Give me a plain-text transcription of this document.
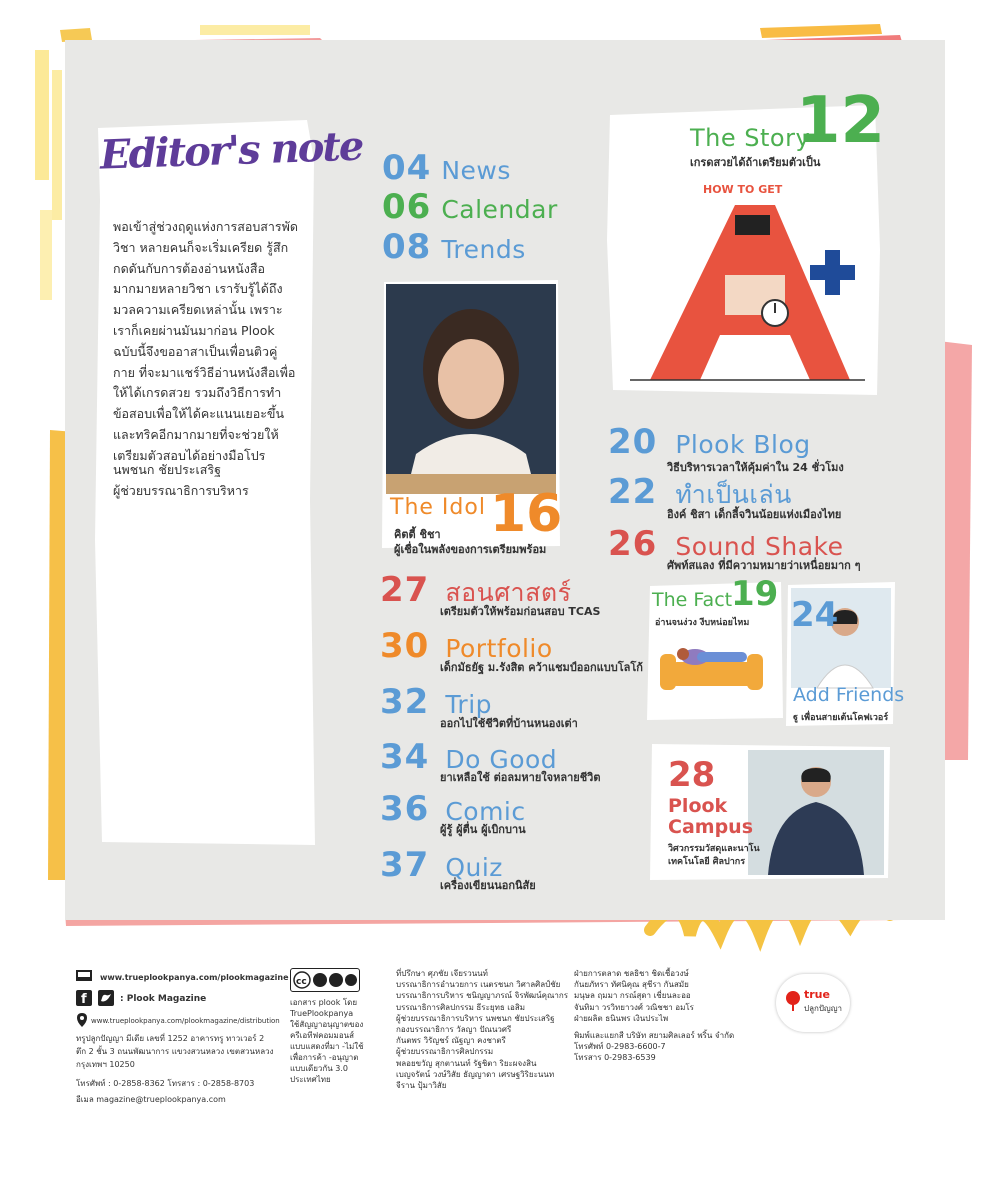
Editor's note
พอเข้าสู่ช่วงฤดูแห่งการสอบสารพัดวิชา หลายคนก็จะเริ่มเครียด รู้สึกกดดันกับการต้องอ่านหนังสือมากมายหลายวิชา เรารับรู้ได้ถึงมวลความเครียดเหล่านั้น เพราะเราก็เคยผ่านมันมาก่อน Plook ฉบับนี้จึงขออาสาเป็นเพื่อนติวคู่กาย ที่จะมาแชร์วิธีอ่านหนังสือเพื่อให้ได้เกรดสวย รวมถึงวิธีการทำข้อสอบเพื่อให้ได้คะแนนเยอะขึ้น และทริคอีกมากมายที่จะช่วยให้เตรียมตัวสอบได้อย่างมือโปร
นพชนก ชัยประเสริฐ
ผู้ช่วยบรรณาธิการบริหาร
04 News
06 Calendar
08 Trends
The Idol 16
คิตตี้ ชิชา
ผู้เชื่อในพลังของการเตรียมพร้อม
The Story
12
เกรดสวยได้ถ้าเตรียมตัวเป็น
HOW TO GET
20 Plook Blog
วิธีบริหารเวลาให้คุ้มค่าใน 24 ชั่วโมง
22 ทำเป็นเล่น
อิงค์ ชิสา เด็กลี้จวินน้อยแห่งเมืองไทย
26 Sound Shake
ศัพท์สแลง ที่มีความหมายว่าเหนื่อยมาก ๆ
27 สอนศาสตร์
เตรียมตัวให้พร้อมก่อนสอบ TCAS
30 Portfolio
เด็กมัธยัฐ ม.รังสิต คว้าแชมป์ออกแบบโลโก้
32 Trip
ออกไปใช้ชีวิตที่บ้านหนองเต่า
34 Do Good
ยาเหลือใช้ ต่อลมหายใจหลายชีวิต
36 Comic
ผู้รู้ ผู้ตื่น ผู้เบิกบาน
37 Quiz
เครื่องเขียนนอกนิสัย
The Fact
19
อ่านจนง่วง งีบหน่อยไหม 24
Add Friends
ฐู เพื่อนสายเต้นโคฟเวอร์
28
Plook
Campus
วิศวกรรมวัสดุและนาโน
เทคโนโลยี ศิลปากร
www.trueplookpanya.com/plookmagazine
f	: Plook Magazine
www.trueplookpanya.com/plookmagazine/distribution
ทรูปลูกปัญญา มีเดีย เลขที่ 1252 อาคารทรู ทาวเวอร์ 2
ตึก 2 ชั้น 3 ถนนพัฒนาการ แขวงสวนหลวง เขตสวนหลวง
กรุงเทพฯ 10250
โทรศัพท์ : 0-2858-8362 โทรสาร : 0-2858-8703
อีเมล magazine@trueplookpanya.com
cc
เอกสาร plook โดย
TruePlookpanya
ใช้สัญญาอนุญาตของ
ครีเอทีฟคอมมอนส์
แบบแสดงที่มา -ไม่ใช้
เพื่อการค้า -อนุญาต
แบบเดียวกัน 3.0
ประเทศไทย
ที่ปรึกษา ศุภชัย เจียรวนนท์
บรรณาธิการอำนวยการ เนตรชนก วิศาลศิลป์ชัย
บรรณาธิการบริหาร ชนิญญาภรณ์ จิรพัฒน์คุณากร
บรรณาธิการศิลปกรรม ธีระยุทธ เอสิม
ผู้ช่วยบรรณาธิการบริหาร นพชนก ชัยประเสริฐ
กองบรรณาธิการ วัลญา ปัณนวศรี
กันตพร วิรัญชร์ ณัฐญา คงชาตรี
ผู้ช่วยบรรณาธิการศิลปกรรม
พลอยขวัญ สุกตานนท์ รัฐชิตา ริยะผจงสิน
เบญจรัตน์ วงษ์วิสัย ธัญญาดา เศรษฐวิริยะนนท
จีราน ปุ้มาวิสัย
ฝ่ายการตลาด ชลธิชา ชิดเชื้อวงษ์
กันยภัทรา ทัศนิคุณ สุชีรา กันสมัย
มนุษล ฤมมา กรณ์สุดา เชี่ยนละออ
จันทิมา วรวิทยาวงศ์ วณิชชา อมโร
ฝ่ายผลิต ธนินพร เงินประไพ
พิมพ์และแยกสี บริษัท สยามศิลเลอร์ พริ้น จำกัด
โทรศัพท์ 0-2983-6600-7
โทรสาร 0-2983-6539
true
ปลูกปัญญา
